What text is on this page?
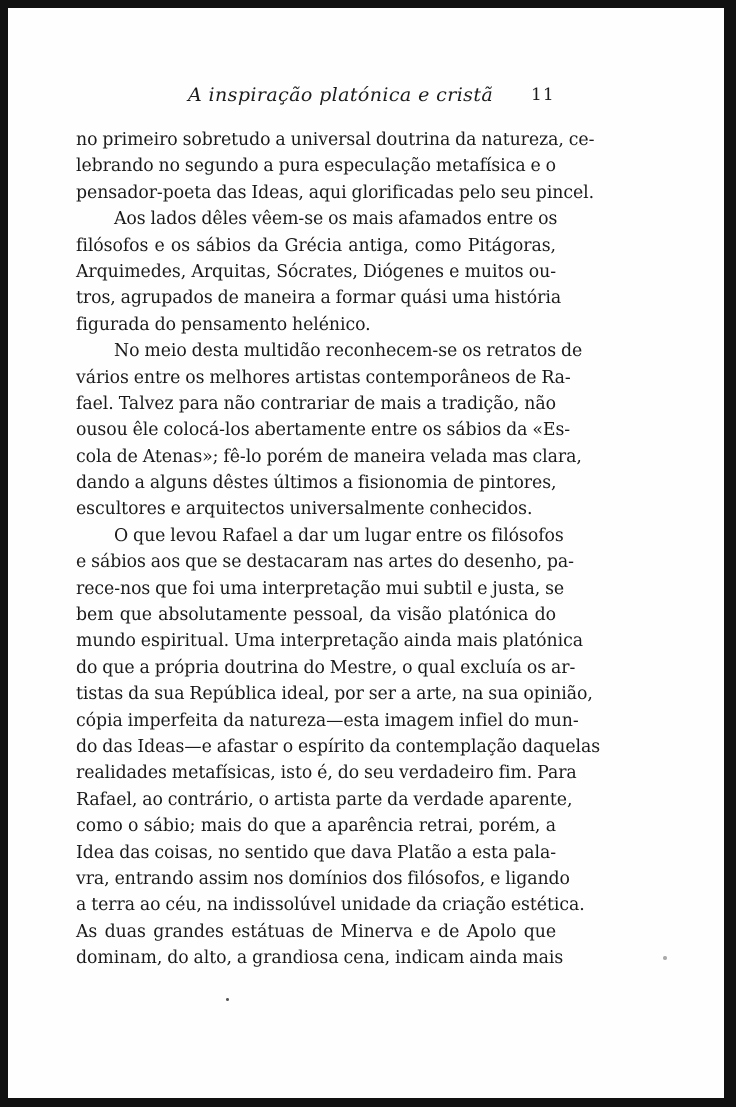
A inspiração platónica e cristã 11
no primeiro sobretudo a universal doutrina da natureza, ce-
lebrando no segundo a pura especulação metafísica e o
pensador-poeta das Ideas, aqui glorificadas pelo seu pincel.
Aos lados dêles vêem-se os mais afamados entre os
filósofos e os sábios da Grécia antiga, como Pitágoras,
Arquimedes, Arquitas, Sócrates, Diógenes e muitos ou-
tros, agrupados de maneira a formar quási uma história
figurada do pensamento helénico.
No meio desta multidão reconhecem-se os retratos de
vários entre os melhores artistas contemporâneos de Ra-
fael. Talvez para não contrariar de mais a tradição, não
ousou êle colocá-los abertamente entre os sábios da «Es-
cola de Atenas»; fê-lo porém de maneira velada mas clara,
dando a alguns dêstes últimos a fisionomia de pintores,
escultores e arquitectos universalmente conhecidos.
O que levou Rafael a dar um lugar entre os filósofos
e sábios aos que se destacaram nas artes do desenho, pa-
rece-nos que foi uma interpretação mui subtil e justa, se
bem que absolutamente pessoal, da visão platónica do
mundo espiritual. Uma interpretação ainda mais platónica
do que a própria doutrina do Mestre, o qual excluía os ar-
tistas da sua República ideal, por ser a arte, na sua opinião,
cópia imperfeita da natureza—esta imagem infiel do mun-
do das Ideas—e afastar o espírito da contemplação daquelas
realidades metafísicas, isto é, do seu verdadeiro fim. Para
Rafael, ao contrário, o artista parte da verdade aparente,
como o sábio; mais do que a aparência retrai, porém, a
Idea das coisas, no sentido que dava Platão a esta pala-
vra, entrando assim nos domínios dos filósofos, e ligando
a terra ao céu, na indissolúvel unidade da criação estética.
As duas grandes estátuas de Minerva e de Apolo que
dominam, do alto, a grandiosa cena, indicam ainda mais
